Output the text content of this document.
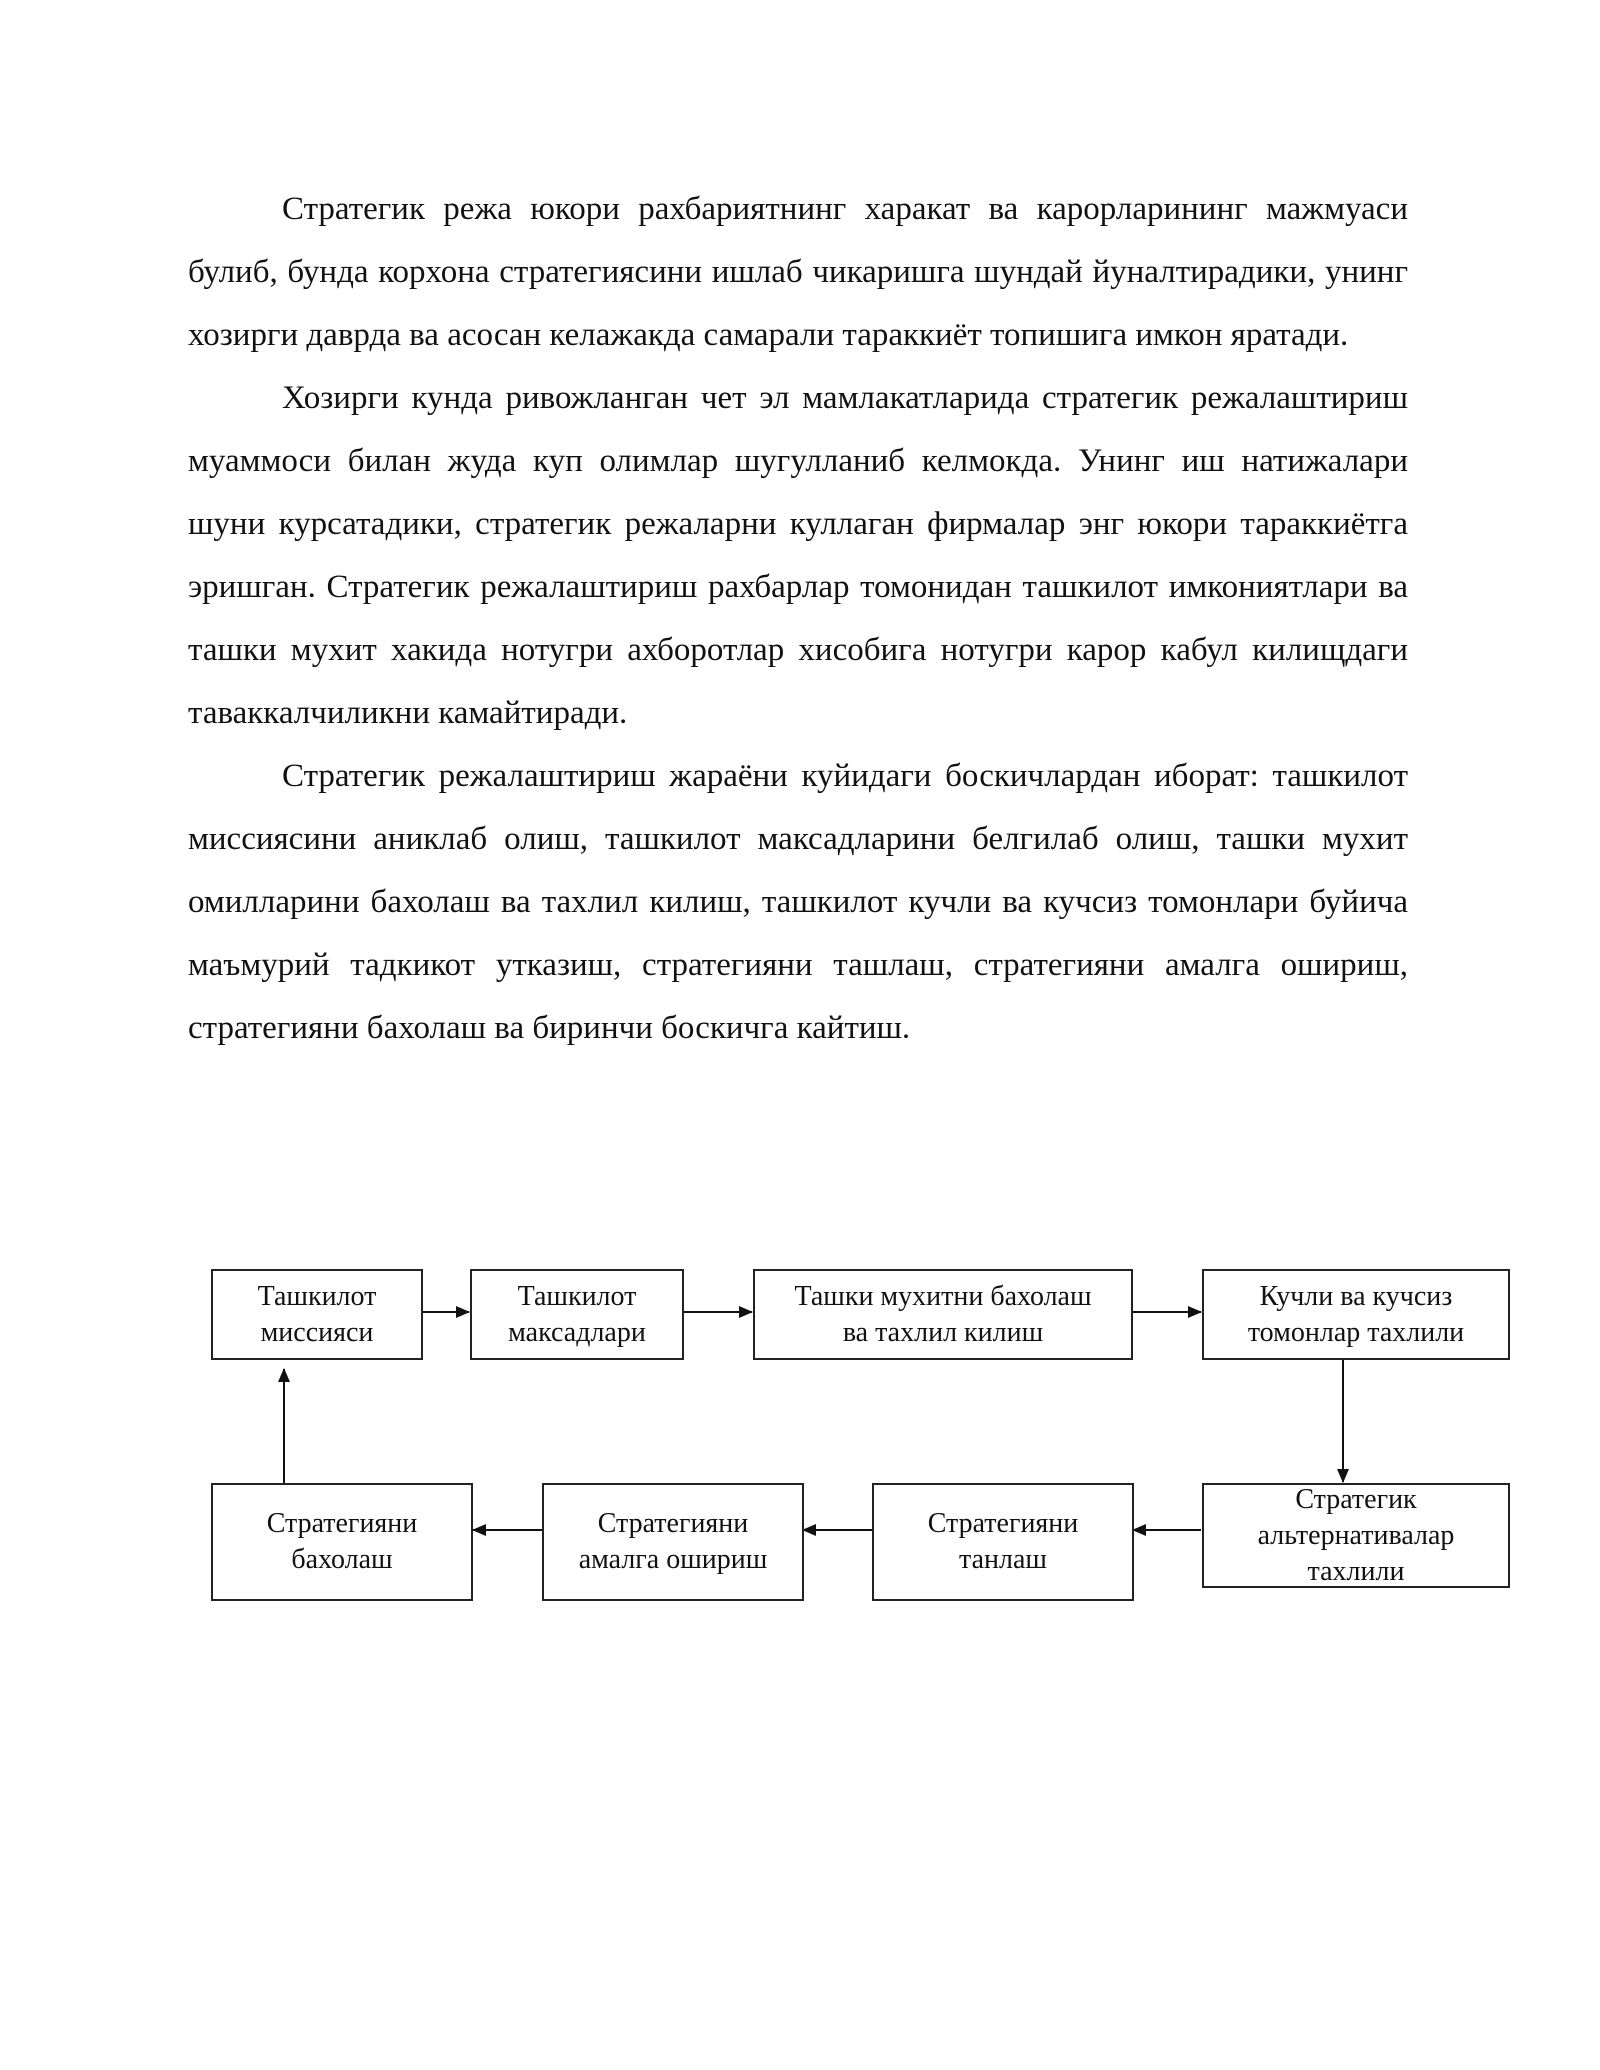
Стратегик режа юкори рахбариятнинг харакат ва карорларининг мажмуаси булиб, бунда корхона стратегиясини ишлаб чикаришга шундай йуналтирадики, унинг хозирги даврда ва асосан келажакда самарали тараккиёт топишига имкон яратади.

Хозирги кунда ривожланган чет эл мамлакатларида стратегик режалаштириш муаммоси билан жуда куп олимлар шугулланиб келмокда. Унинг иш натижалари шуни курсатадики, стратегик режаларни куллаган фирмалар энг юкори тараккиётга эришган. Стратегик режалаштириш рахбарлар томонидан ташкилот имкониятлари ва ташки мухит хакида нотугри ахборотлар хисобига нотугри карор кабул килищдаги таваккалчиликни камайтиради.

Стратегик режалаштириш жараёни куйидаги боскичлардан иборат: ташкилот миссиясини аниклаб олиш, ташкилот максадларини белгилаб олиш, ташки мухит омилларини бахолаш ва тахлил килиш, ташкилот кучли ва кучсиз томонлари буйича маъмурий тадкикот утказиш, стратегияни ташлаш, стратегияни амалга ошириш, стратегияни бахолаш ва биринчи боскичга кайтиш.

Ташкилот
миссияси
Ташкилот
максадлари
Ташки мухитни бахолаш
ва тахлил килиш
Кучли ва кучсиз
томонлар тахлили
Стратегик
альтернативалар
тахлили
Стратегияни
танлаш
Стратегияни
амалга ошириш
Стратегияни
бахолаш
